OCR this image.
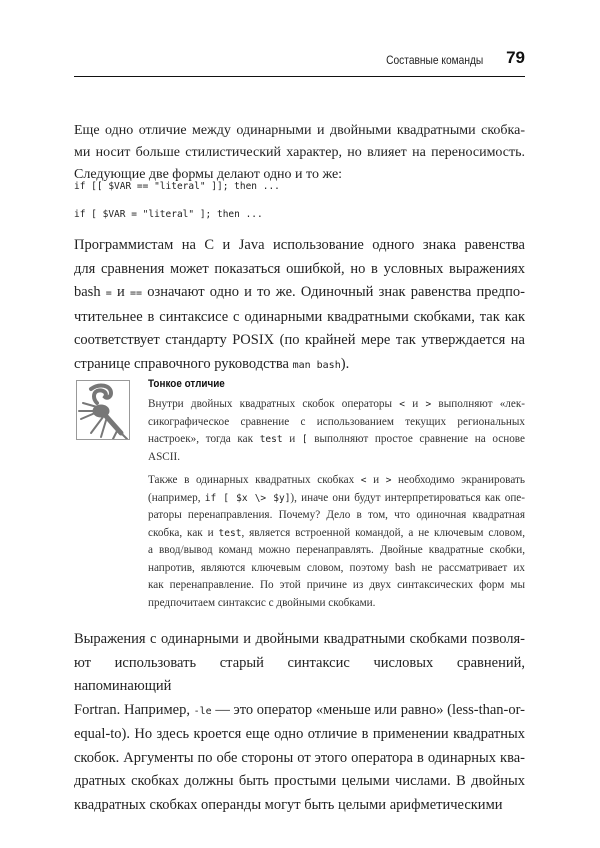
Составные команды 79
Еще одно отличие между одинарными и двойными квадратными скобка-
ми носит больше стилистический характер, но влияет на переносимость.
Следующие две формы делают одно и то же:
if [[ $VAR == "literal" ]]; then ...
if [ $VAR = "literal" ]; then ...
Программистам на C и Java использование одного знака равенства
для сравнения может показаться ошибкой, но в условных выражениях
bash = и == означают одно и то же. Одиночный знак равенства предпо-
чтительнее в синтаксисе с одинарными квадратными скобками, так как
соответствует стандарту POSIX (по крайней мере так утверждается на
странице справочного руководства man bash).
Тонкое отличие
Внутри двойных квадратных скобок операторы < и > выполняют «лек-
сикографическое сравнение с использованием текущих региональных
настроек», тогда как test и [ выполняют простое сравнение на основе
ASCII.
Также в одинарных квадратных скобках < и > необходимо экранировать
(например, if [ $x \> $y]), иначе они будут интерпретироваться как опе-
раторы перенаправления. Почему? Дело в том, что одиночная квадратная
скобка, как и test, является встроенной командой, а не ключевым словом,
а ввод/вывод команд можно перенаправлять. Двойные квадратные скобки,
напротив, являются ключевым словом, поэтому bash не рассматривает их
как перенаправление. По этой причине из двух синтаксических форм мы
предпочитаем синтаксис с двойными скобками.
Выражения с одинарными и двойными квадратными скобками позволя-
ют использовать старый синтаксис числовых сравнений, напоминающий
Fortran. Например, -le — это оператор «меньше или равно» (less-than-or-
equal-to). Но здесь кроется еще одно отличие в применении квадратных
скобок. Аргументы по обе стороны от этого оператора в одинарных ква-
дратных скобках должны быть простыми целыми числами. В двойных
квадратных скобках операнды могут быть целыми арифметическими
